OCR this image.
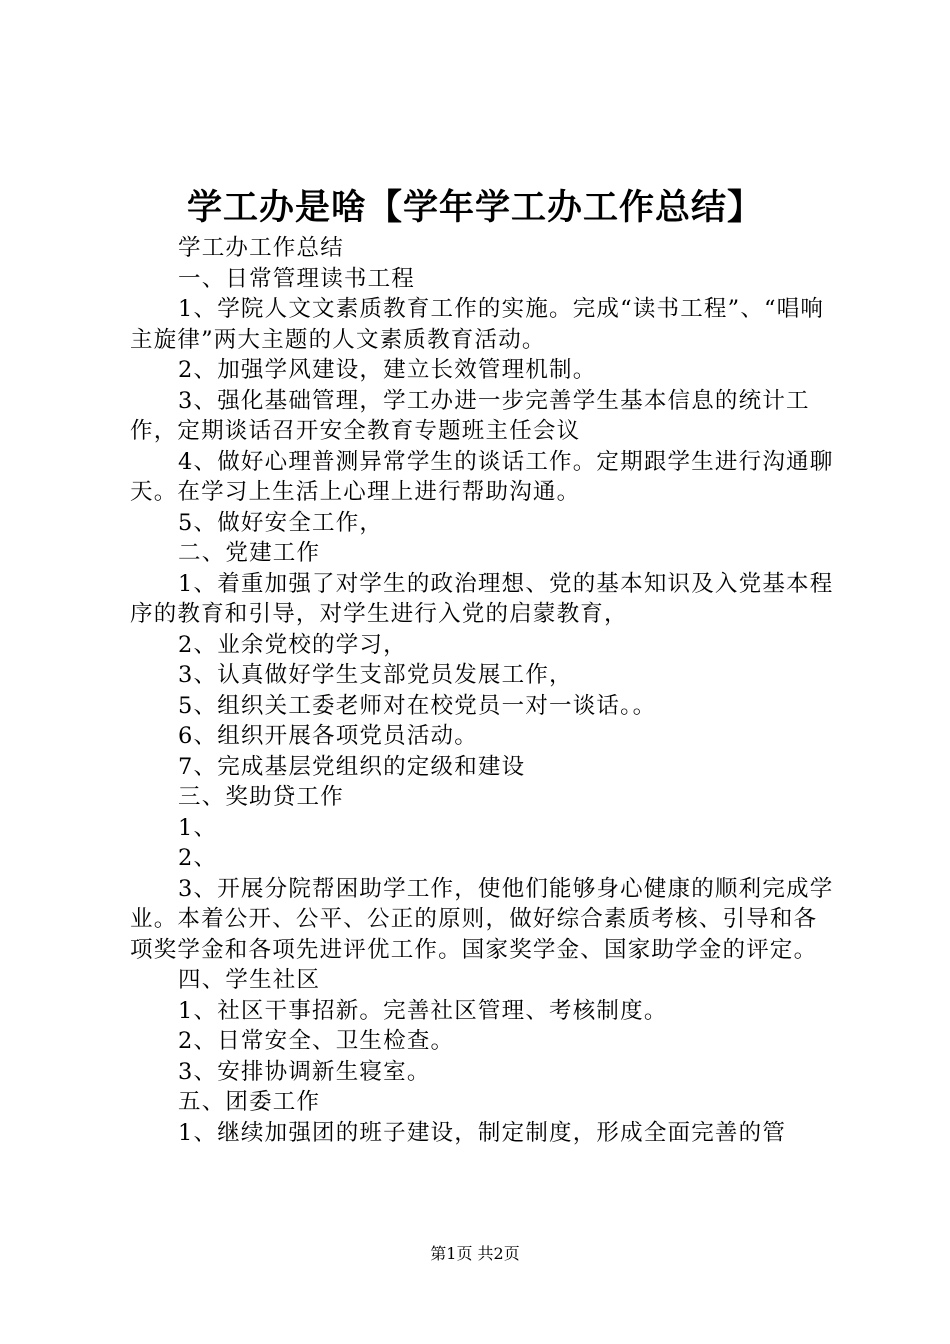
学工办是啥【学年学工办工作总结】

学工办工作总结

一、日常管理读书工程

1、学院人文文素质教育工作的实施。完成“读书工程”、“唱响主旋律”两大主题的人文素质教育活动。

2、加强学风建设，建立长效管理机制。

3、强化基础管理，学工办进一步完善学生基本信息的统计工作，定期谈话召开安全教育专题班主任会议

4、做好心理普测异常学生的谈话工作。定期跟学生进行沟通聊天。在学习上生活上心理上进行帮助沟通。

5、做好安全工作，

二、党建工作

1、着重加强了对学生的政治理想、党的基本知识及入党基本程序的教育和引导，对学生进行入党的启蒙教育，

2、业余党校的学习，

3、认真做好学生支部党员发展工作，

5、组织关工委老师对在校党员一对一谈话。。

6、组织开展各项党员活动。

7、完成基层党组织的定级和建设

三、奖助贷工作

1、

2、

3、开展分院帮困助学工作，使他们能够身心健康的顺利完成学业。本着公开、公平、公正的原则，做好综合素质考核、引导和各项奖学金和各项先进评优工作。国家奖学金、国家助学金的评定。

四、学生社区

1、社区干事招新。完善社区管理、考核制度。

2、日常安全、卫生检查。

3、安排协调新生寝室。

五、团委工作

1、继续加强团的班子建设，制定制度，形成全面完善的管

第1页 共2页
